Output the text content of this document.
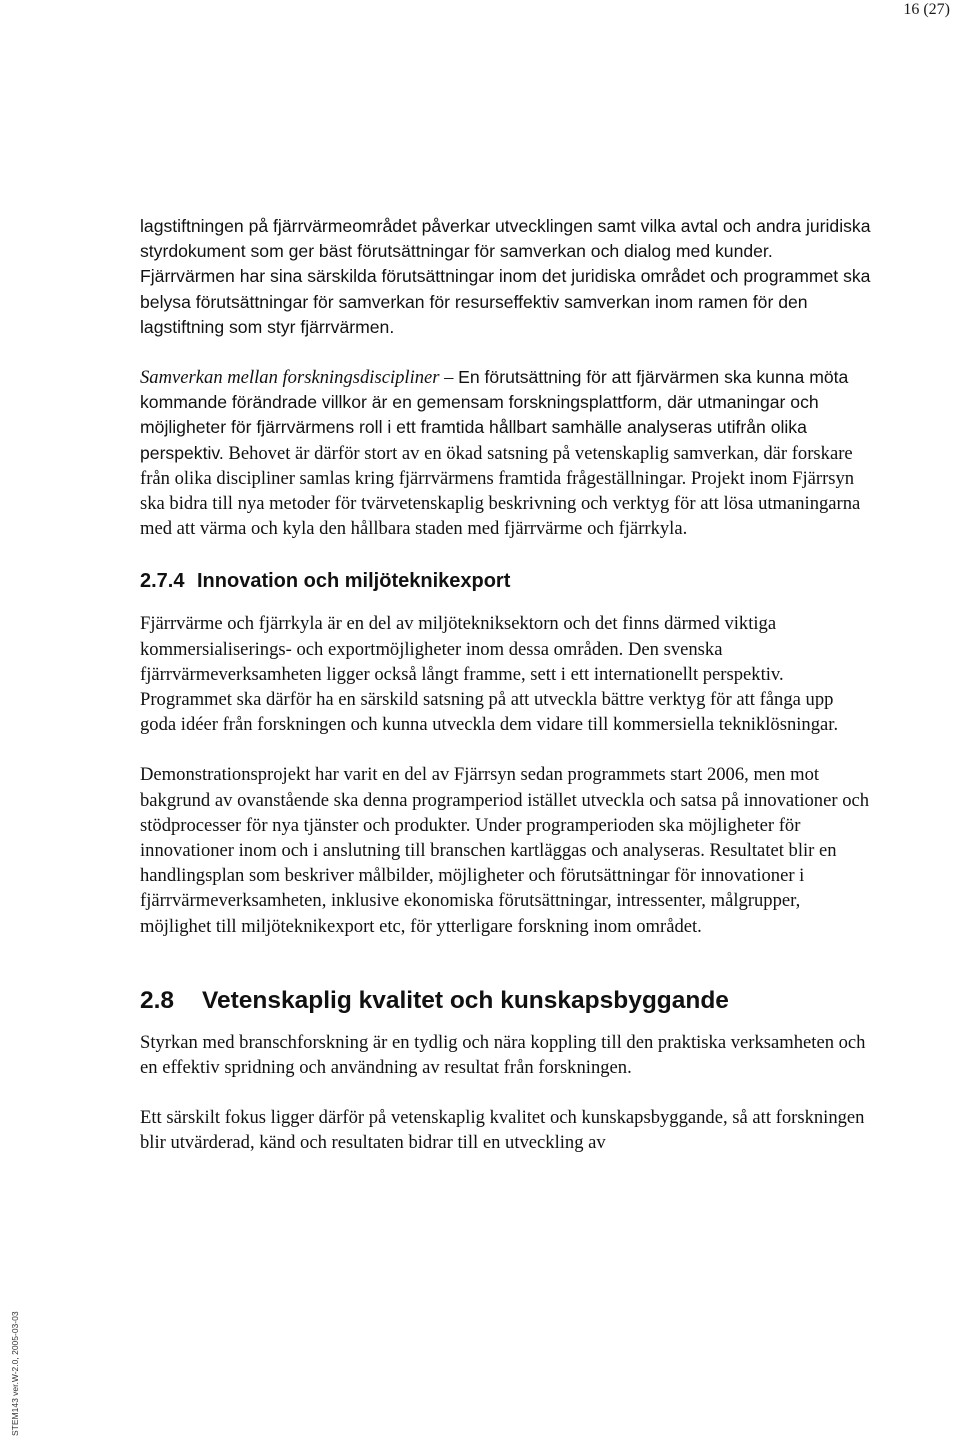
16 (27)

lagstiftningen på fjärrvärmeområdet påverkar utvecklingen samt vilka avtal och andra juridiska styrdokument som ger bäst förutsättningar för samverkan och dialog med kunder. Fjärrvärmen har sina särskilda förutsättningar inom det juridiska området och programmet ska belysa förutsättningar för samverkan för resurseffektiv samverkan inom ramen för den lagstiftning som styr fjärrvärmen.

Samverkan mellan forskningsdiscipliner – En förutsättning för att fjärvärmen ska kunna möta kommande förändrade villkor är en gemensam forskningsplattform, där utmaningar och möjligheter för fjärrvärmens roll i ett framtida hållbart samhälle analyseras utifrån olika perspektiv. Behovet är därför stort av en ökad satsning på vetenskaplig samverkan, där forskare från olika discipliner samlas kring fjärrvärmens framtida frågeställningar. Projekt inom Fjärrsyn ska bidra till nya metoder för tvärvetenskaplig beskrivning och verktyg för att lösa utmaningarna med att värma och kyla den hållbara staden med fjärrvärme och fjärrkyla.

2.7.4 Innovation och miljöteknikexport

Fjärrvärme och fjärrkyla är en del av miljötekniksektorn och det finns därmed viktiga kommersialiserings- och exportmöjligheter inom dessa områden. Den svenska fjärrvärmeverksamheten ligger också långt framme, sett i ett internationellt perspektiv. Programmet ska därför ha en särskild satsning på att utveckla bättre verktyg för att fånga upp goda idéer från forskningen och kunna utveckla dem vidare till kommersiella tekniklösningar.

Demonstrationsprojekt har varit en del av Fjärrsyn sedan programmets start 2006, men mot bakgrund av ovanstående ska denna programperiod istället utveckla och satsa på innovationer och stödprocesser för nya tjänster och produkter. Under programperioden ska möjligheter för innovationer inom och i anslutning till branschen kartläggas och analyseras. Resultatet blir en handlingsplan som beskriver målbilder, möjligheter och förutsättningar för innovationer i fjärrvärmeverksamheten, inklusive ekonomiska förutsättningar, intressenter, målgrupper, möjlighet till miljöteknikexport etc, för ytterligare forskning inom området.

2.8 Vetenskaplig kvalitet och kunskapsbyggande

Styrkan med branschforskning är en tydlig och nära koppling till den praktiska verksamheten och en effektiv spridning och användning av resultat från forskningen.

Ett särskilt fokus ligger därför på vetenskaplig kvalitet och kunskapsbyggande, så att forskningen blir utvärderad, känd och resultaten bidrar till en utveckling av

STEM143 ver.W-2.0, 2005-03-03
